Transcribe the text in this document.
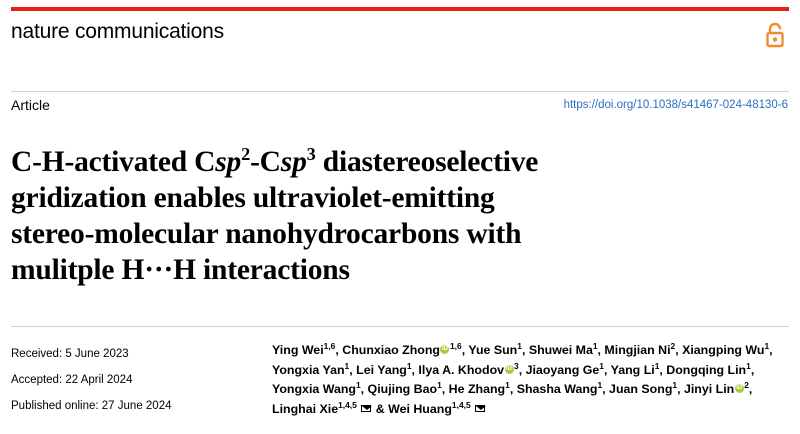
nature communications
Article	https://doi.org/10.1038/s41467-024-48130-6
C-H-activated Csp$^2$-Csp$^3$ diastereoselective
gridization enables ultraviolet-emitting
stereo-molecular nanohydrocarbons with
mulitple H···H interactions
Received: 5 June 2023
Accepted: 22 April 2024
Published online: 27 June 2024
Ying Wei$^{1,6}$, Chunxiao Zhong iD $^{1,6}$, Yue Sun$^1$, Shuwei Ma$^1$, Mingjian Ni$^2$, Xiangping Wu$^1$, Yongxia Yan$^1$, Lei Yang$^1$, Ilya A. Khodov iD $^3$, Jiaoyang Ge$^1$, Yang Li$^1$, Dongqing Lin$^1$, Yongxia Wang$^1$, Qiujing Bao$^1$, He Zhang$^1$, Shasha Wang$^1$, Juan Song$^1$, Jinyi Lin iD $^2$, Linghai Xie$^{1,4,5}$  & Wei Huang$^{1,4,5}$
